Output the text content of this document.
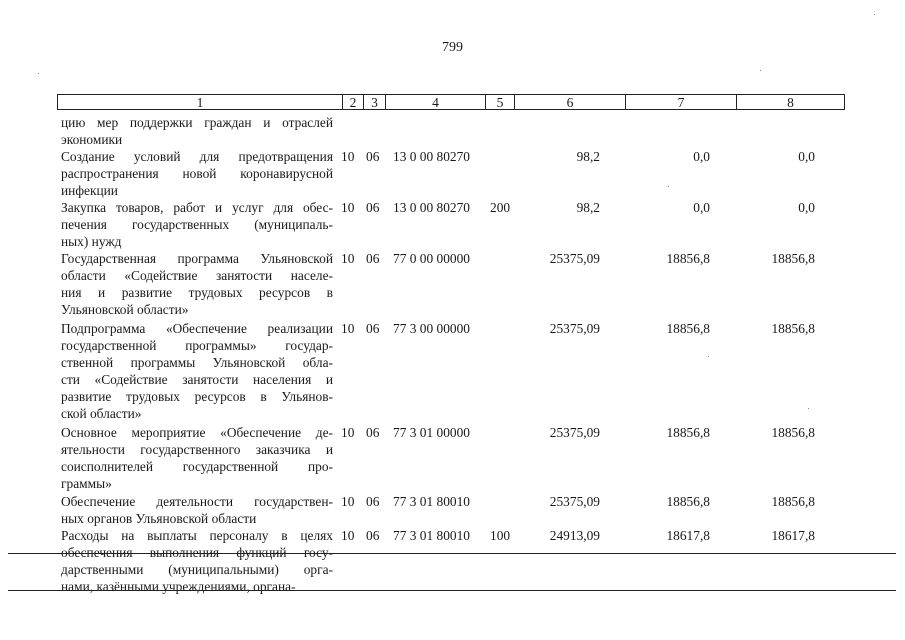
799
1	2	3	4	5	6	7	8
цию мер поддержки граждан и отраслей
экономики
Создание условий для предотвращения
распространения новой коронавирусной
инфекции
10 06 13 0 00 80270	98,2	0,0	0,0
Закупка товаров, работ и услуг для обес-
печения государственных (муниципаль-
ных) нужд
10 06 13 0 00 80270 200	98,2	0,0	0,0
Государственная программа Ульяновской
области «Содействие занятости населе-
ния и развитие трудовых ресурсов в
Ульяновской области»
10 06 77 0 00 00000	25375,09	18856,8	18856,8
Подпрограмма «Обеспечение реализации
государственной программы» государ-
ственной программы Ульяновской обла-
сти «Содействие занятости населения и
развитие трудовых ресурсов в Ульянов-
ской области»
10 06 77 3 00 00000	25375,09	18856,8	18856,8
Основное мероприятие «Обеспечение де-
ятельности государственного заказчика и
соисполнителей государственной про-
граммы»
10 06 77 3 01 00000	25375,09	18856,8	18856,8
Обеспечение деятельности государствен-
ных органов Ульяновской области
10 06 77 3 01 80010	25375,09	18856,8	18856,8
Расходы на выплаты персоналу в целях
обеспечения выполнения функций госу-
дарственными (муниципальными) орга-
нами, казёнными учреждениями, органа-
10 06 77 3 01 80010 100	24913,09	18617,8	18617,8
